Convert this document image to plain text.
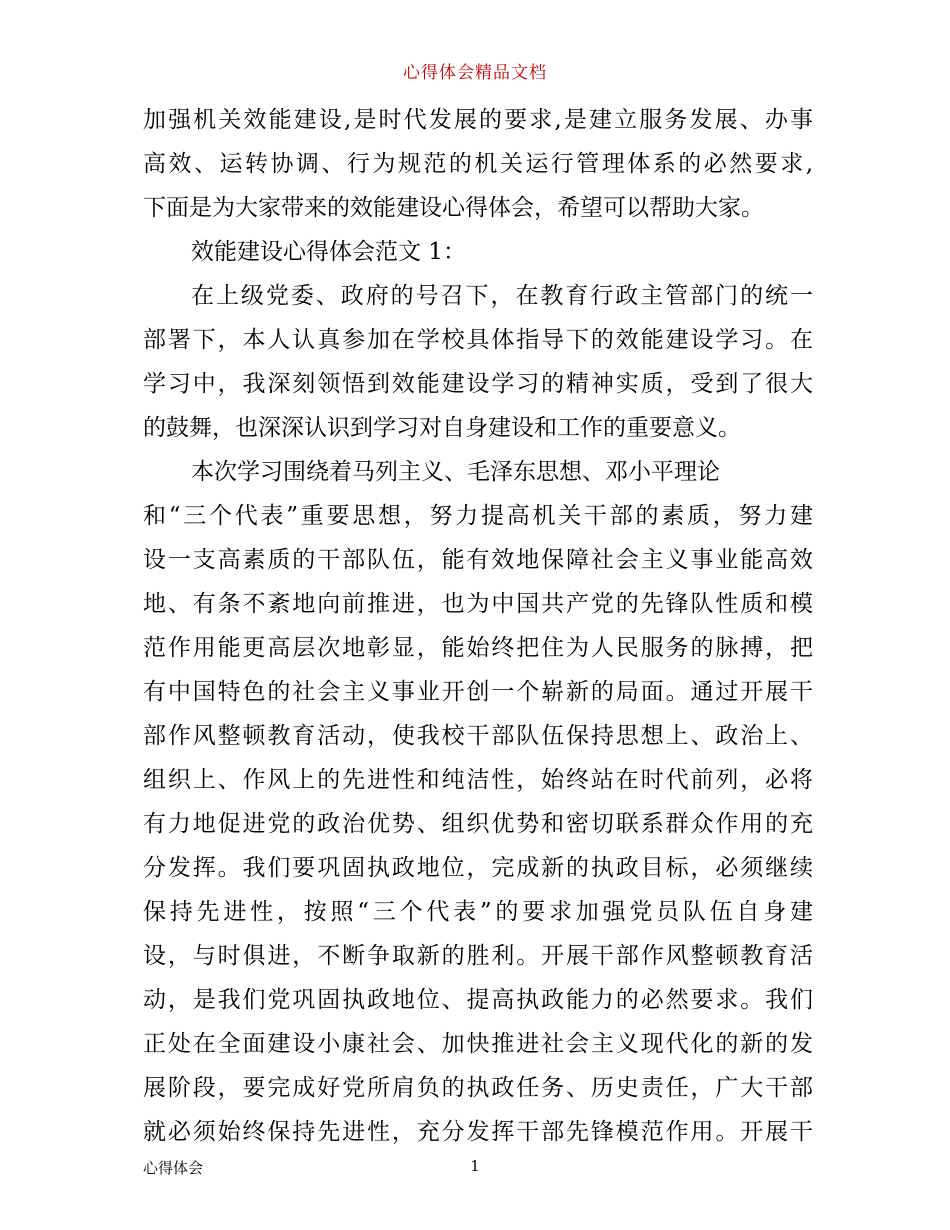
心得体会精品文档
加强机关效能建设,是时代发展的要求,是建立服务发展、办事
高效、运转协调、行为规范的机关运行管理体系的必然要求,
下面是为大家带来的效能建设心得体会，希望可以帮助大家。
效能建设心得体会范文 1：
在上级党委、政府的号召下，在教育行政主管部门的统一
部署下，本人认真参加在学校具体指导下的效能建设学习。在
学习中，我深刻领悟到效能建设学习的精神实质，受到了很大
的鼓舞，也深深认识到学习对自身建设和工作的重要意义。
本次学习围绕着马列主义、毛泽东思想、邓小平理论
和“三个代表”重要思想，努力提高机关干部的素质，努力建
设一支高素质的干部队伍，能有效地保障社会主义事业能高效
地、有条不紊地向前推进，也为中国共产党的先锋队性质和模
范作用能更高层次地彰显，能始终把住为人民服务的脉搏，把
有中国特色的社会主义事业开创一个崭新的局面。通过开展干
部作风整顿教育活动，使我校干部队伍保持思想上、政治上、
组织上、作风上的先进性和纯洁性，始终站在时代前列，必将
有力地促进党的政治优势、组织优势和密切联系群众作用的充
分发挥。我们要巩固执政地位，完成新的执政目标，必须继续
保持先进性，按照“三个代表”的要求加强党员队伍自身建
设，与时俱进，不断争取新的胜利。开展干部作风整顿教育活
动，是我们党巩固执政地位、提高执政能力的必然要求。我们
正处在全面建设小康社会、加快推进社会主义现代化的新的发
展阶段，要完成好党所肩负的执政任务、历史责任，广大干部
就必须始终保持先进性，充分发挥干部先锋模范作用。开展干
心得体会	1
